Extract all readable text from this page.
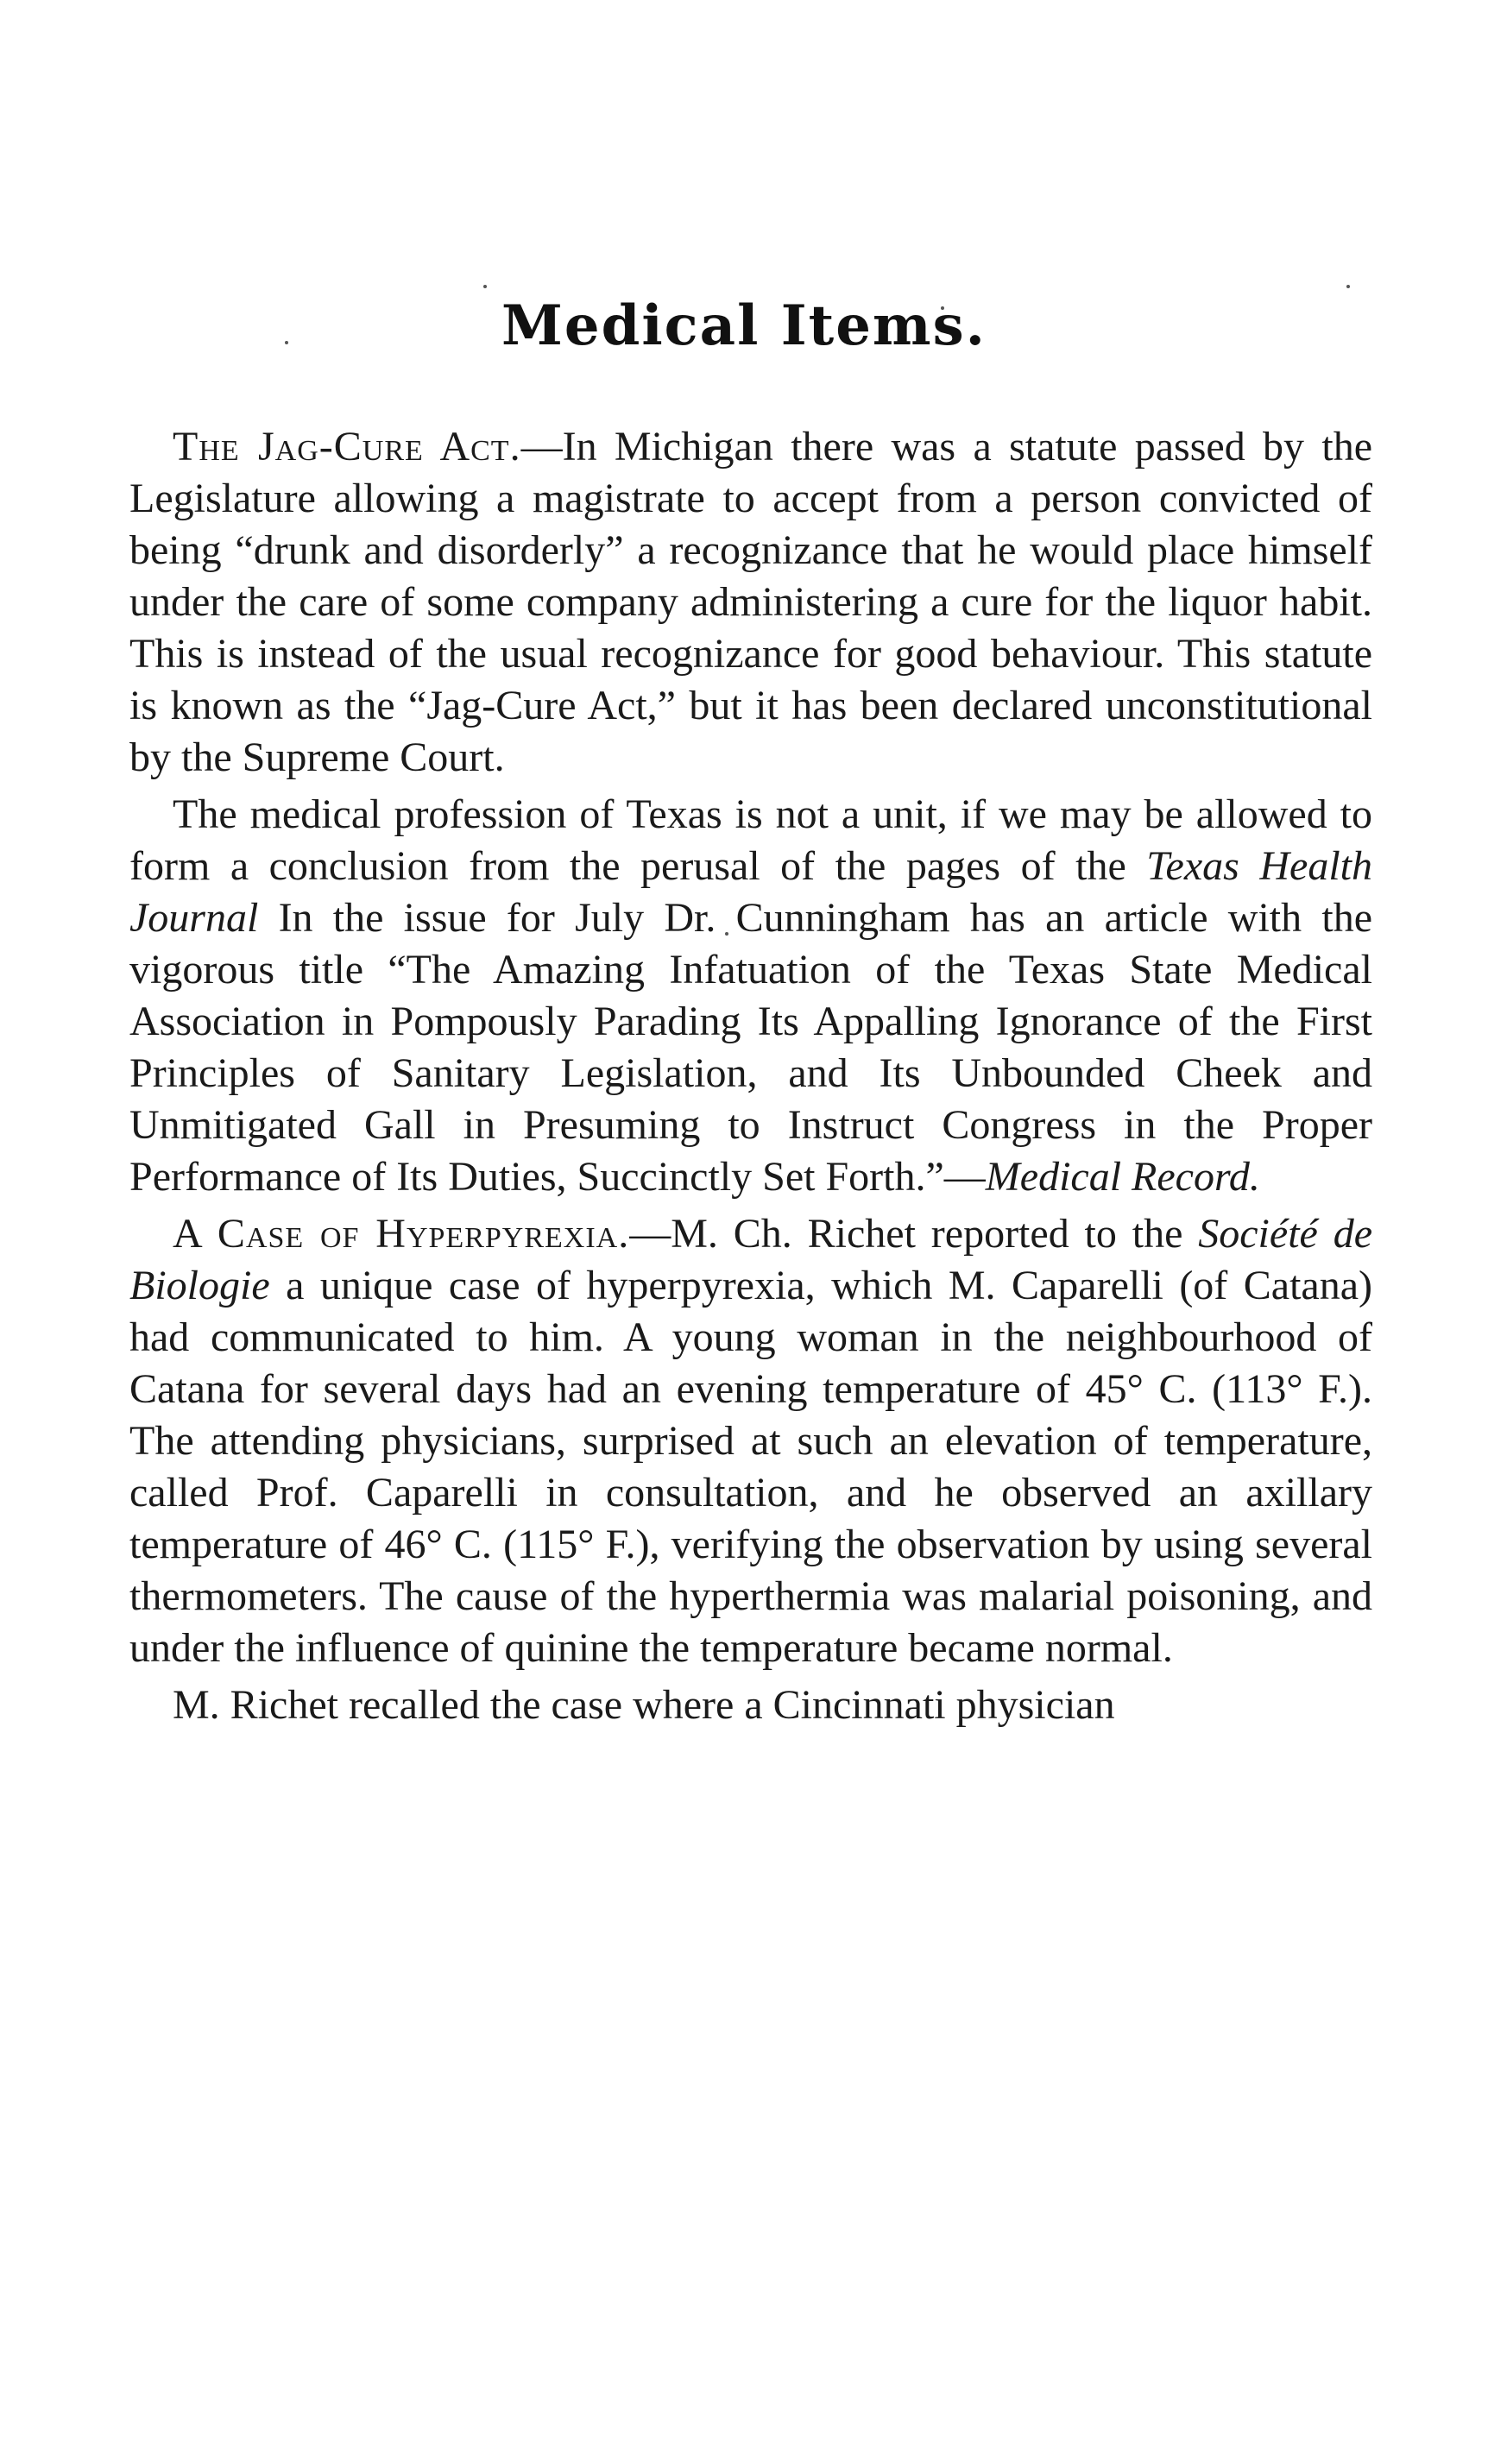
Medical Items.

The Jag-Cure Act.—In Michigan there was a statute passed by the Legislature allowing a magistrate to accept from a person convicted of being “drunk and disorderly” a recognizance that he would place himself under the care of some company administering a cure for the liquor habit. This is instead of the usual recognizance for good behaviour. This statute is known as the “Jag-Cure Act,” but it has been declared unconstitutional by the Supreme Court.

The medical profession of Texas is not a unit, if we may be allowed to form a conclusion from the perusal of the pages of the Texas Health Journal In the issue for July Dr. Cunningham has an article with the vigorous title “The Amazing Infatuation of the Texas State Medical Association in Pompously Parading Its Appalling Ignorance of the First Principles of Sanitary Legislation, and Its Unbounded Cheek and Unmitigated Gall in Presuming to Instruct Congress in the Proper Performance of Its Duties, Succinctly Set Forth.”—Medical Record.

A Case of Hyperpyrexia.—M. Ch. Richet reported to the Société de Biologie a unique case of hyperpyrexia, which M. Caparelli (of Catana) had communicated to him. A young woman in the neighbourhood of Catana for several days had an evening temperature of 45° C. (113° F.). The attending physicians, surprised at such an elevation of temperature, called Prof. Caparelli in consultation, and he observed an axillary temperature of 46° C. (115° F.), verifying the observation by using several thermometers. The cause of the hyperthermia was malarial poisoning, and under the influence of quinine the temperature became normal.

M. Richet recalled the case where a Cincinnati physician
